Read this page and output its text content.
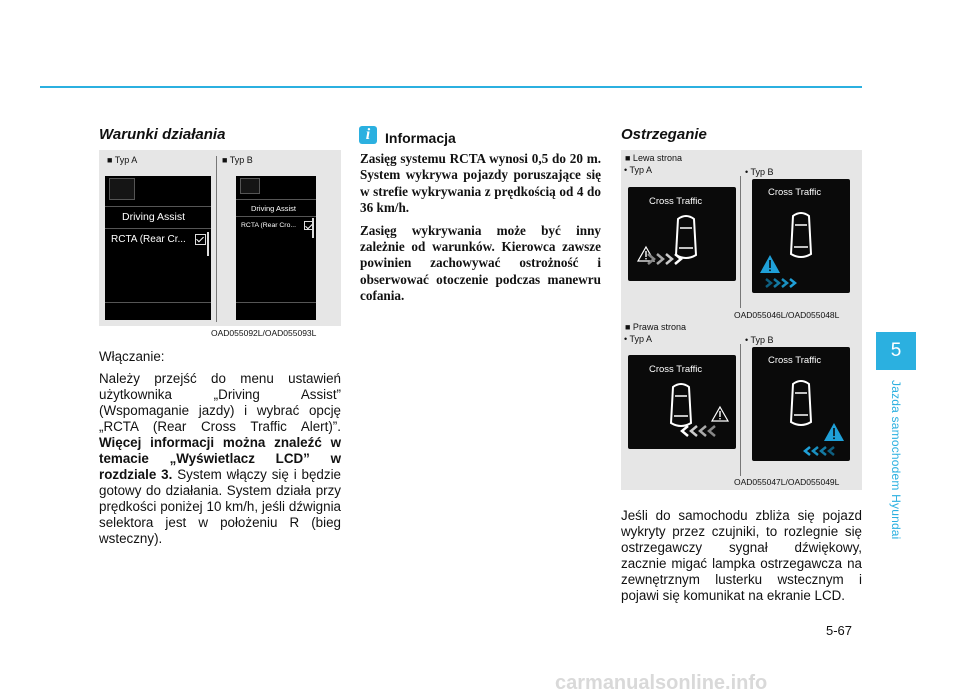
Warunki działania
■ Typ A	■ Typ B
Driving Assist
RCTA (Rear Cr...
Driving Assist
RCTA (Rear Cro...
OAD055092L/OAD055093L

Włączanie:

Należy przejść do menu ustawień użytkownika „Driving Assist” (Wspomaganie jazdy) i wybrać opcję „RCTA (Rear Cross Traffic Alert)”. Więcej informacji można znaleźć w temacie „Wyświetlacz LCD” w rozdziale 3. System włączy się i będzie gotowy do działania. System działa przy prędkości poniżej 10 km/h, jeśli dźwignia selektora jest w położeniu R (bieg wsteczny).

i	Informacja

Zasięg systemu RCTA wynosi 0,5 do 20 m. System wykrywa pojazdy poruszające się w strefie wykrywania z prędkością od 4 do 36 km/h.

Zasięg wykrywania może być inny zależnie od warunków. Kierowca zawsze powinien zachowywać ostrożność i obserwować otoczenie podczas manewru cofania.

Ostrzeganie
■ Lewa strona
• Typ A	• Typ B
Cross Traffic
Cross Traffic
OAD055046L/OAD055048L
■ Prawa strona
• Typ A	• Typ B
Cross Traffic
Cross Traffic
OAD055047L/OAD055049L

Jeśli do samochodu zbliża się pojazd wykryty przez czujniki, to rozlegnie się ostrzegawczy sygnał dźwiękowy, zacznie migać lampka ostrzegawcza na zewnętrznym lusterku wstecznym i pojawi się komunikat na ekranie LCD.

5
Jazda samochodem Hyundai
5-67
carmanualsonline.info
